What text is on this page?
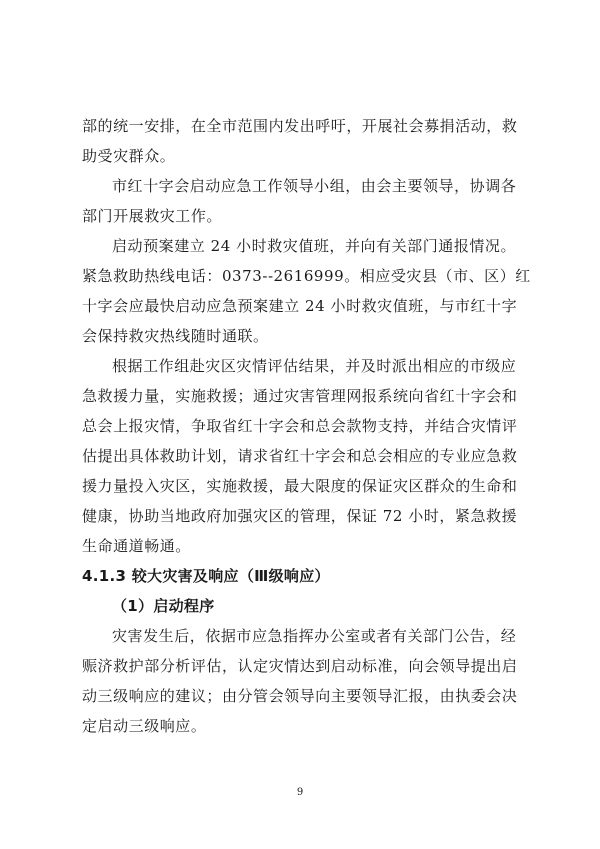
部的统一安排，在全市范围内发出呼吁，开展社会募捐活动，救
助受灾群众。
市红十字会启动应急工作领导小组，由会主要领导，协调各
部门开展救灾工作。
启动预案建立 24 小时救灾值班，并向有关部门通报情况。
紧急救助热线电话：0373--2616999。相应受灾县（市、区）红
十字会应最快启动应急预案建立 24 小时救灾值班，与市红十字
会保持救灾热线随时通联。
根据工作组赴灾区灾情评估结果，并及时派出相应的市级应
急救援力量，实施救援；通过灾害管理网报系统向省红十字会和
总会上报灾情，争取省红十字会和总会款物支持，并结合灾情评
估提出具体救助计划，请求省红十字会和总会相应的专业应急救
援力量投入灾区，实施救援，最大限度的保证灾区群众的生命和
健康，协助当地政府加强灾区的管理，保证 72 小时，紧急救援
生命通道畅通。
4.1.3 较大灾害及响应（Ⅲ级响应）
（1）启动程序
灾害发生后，依据市应急指挥办公室或者有关部门公告，经
赈济救护部分析评估，认定灾情达到启动标准，向会领导提出启
动三级响应的建议；由分管会领导向主要领导汇报，由执委会决
定启动三级响应。
9
